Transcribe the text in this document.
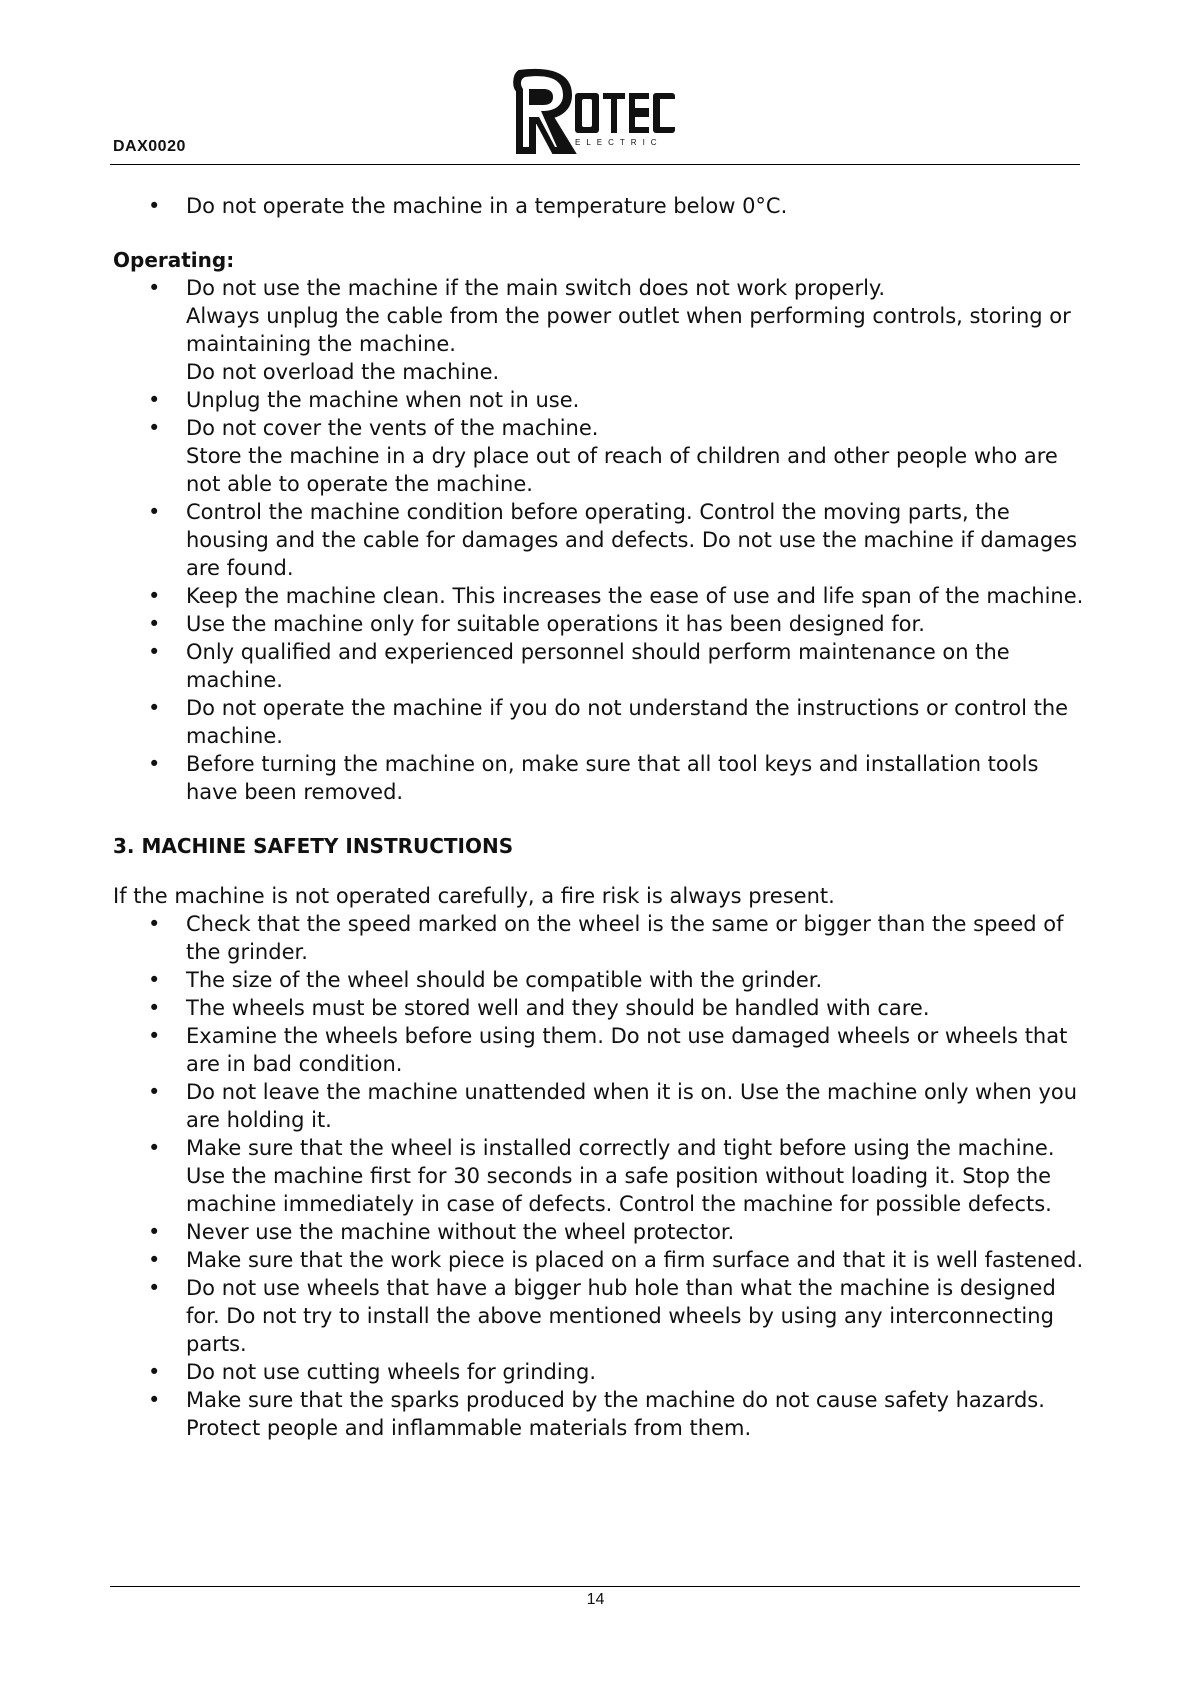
DAX0020	ELECTRIC
• Do not operate the machine in a temperature below 0°C.

Operating:

• Do not use the machine if the main switch does not work properly.
Always unplug the cable from the power outlet when performing controls, storing or maintaining the machine.
Do not overload the machine.
• Unplug the machine when not in use.
• Do not cover the vents of the machine.
Store the machine in a dry place out of reach of children and other people who are not able to operate the machine.
• Control the machine condition before operating. Control the moving parts, the housing and the cable for damages and defects. Do not use the machine if damages are found.
• Keep the machine clean. This increases the ease of use and life span of the machine.
• Use the machine only for suitable operations it has been designed for.
• Only qualified and experienced personnel should perform maintenance on the machine.
• Do not operate the machine if you do not understand the instructions or control the machine.
• Before turning the machine on, make sure that all tool keys and installation tools have been removed.

3. MACHINE SAFETY INSTRUCTIONS

If the machine is not operated carefully, a fire risk is always present.

• Check that the speed marked on the wheel is the same or bigger than the speed of the grinder.
• The size of the wheel should be compatible with the grinder.
• The wheels must be stored well and they should be handled with care.
• Examine the wheels before using them. Do not use damaged wheels or wheels that are in bad condition.
• Do not leave the machine unattended when it is on. Use the machine only when you are holding it.
• Make sure that the wheel is installed correctly and tight before using the machine. Use the machine first for 30 seconds in a safe position without loading it. Stop the machine immediately in case of defects. Control the machine for possible defects.
• Never use the machine without the wheel protector.
• Make sure that the work piece is placed on a firm surface and that it is well fastened.
• Do not use wheels that have a bigger hub hole than what the machine is designed for. Do not try to install the above mentioned wheels by using any interconnecting parts.
• Do not use cutting wheels for grinding.
• Make sure that the sparks produced by the machine do not cause safety hazards. Protect people and inflammable materials from them.
14
